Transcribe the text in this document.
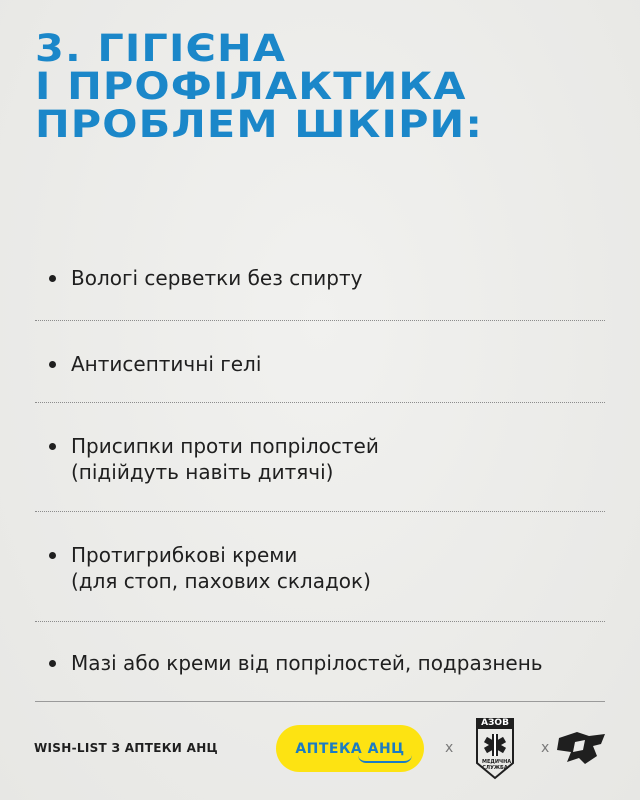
3. ГІГІЄНА
І ПРОФІЛАКТИКА
ПРОБЛЕМ ШКІРИ:
Вологі серветки без спирту
Антисептичні гелі
Присипки проти попрілостей
(підійдуть навіть дитячі)
Протигрибкові креми
(для стоп, пахових складок)
Мазі або креми від попрілостей, подразнень
WISH-LIST З АПТЕКИ АНЦ	АПТЕКА АНЦ	х
АЗОВ
МЕДИЧНА СЛУЖБА
х
